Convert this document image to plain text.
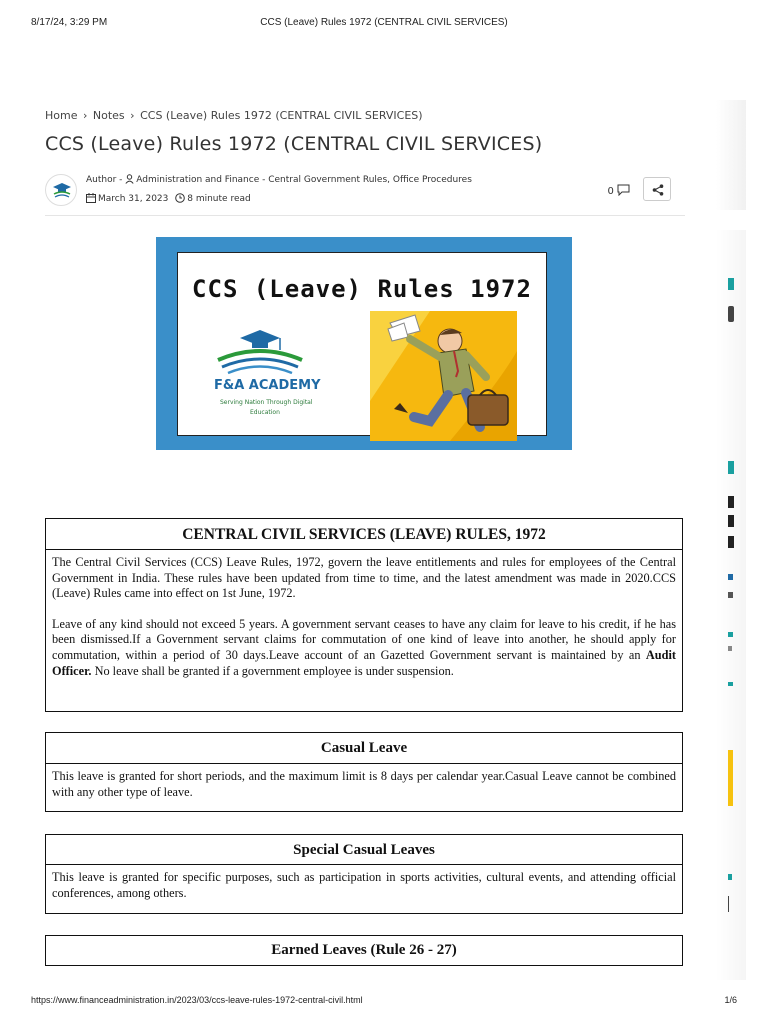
8/17/24, 3:29 PM	CCS (Leave) Rules 1972 (CENTRAL CIVIL SERVICES)
Home › Notes › CCS (Leave) Rules 1972 (CENTRAL CIVIL SERVICES)
CCS (Leave) Rules 1972 (CENTRAL CIVIL SERVICES)
Author - Administration and Finance - Central Government Rules, Office Procedures
March 31, 2023 8 minute read
0
CCS (Leave) Rules 1972
F&A ACADEMY
Serving Nation Through Digital
Education
CENTRAL CIVIL SERVICES (LEAVE) RULES, 1972

The Central Civil Services (CCS) Leave Rules, 1972, govern the leave entitlements and rules for employees of the Central Government in India. These rules have been updated from time to time, and the latest amendment was made in 2020.CCS (Leave) Rules came into effect on 1st June, 1972.

Leave of any kind should not exceed 5 years. A government servant ceases to have any claim for leave to his credit, if he has been dismissed.If a Government servant claims for commutation of one kind of leave into another, he should apply for commutation, within a period of 30 days.Leave account of an Gazetted Government servant is maintained by an Audit Officer. No leave shall be granted if a government employee is under suspension.

Casual Leave

This leave is granted for short periods, and the maximum limit is 8 days per calendar year.Casual Leave cannot be combined with any other type of leave.

Special Casual Leaves

This leave is granted for specific purposes, such as participation in sports activities, cultural events, and attending official conferences, among others.

Earned Leaves (Rule 26 - 27)
https://www.financeadministration.in/2023/03/ccs-leave-rules-1972-central-civil.html	1/6
